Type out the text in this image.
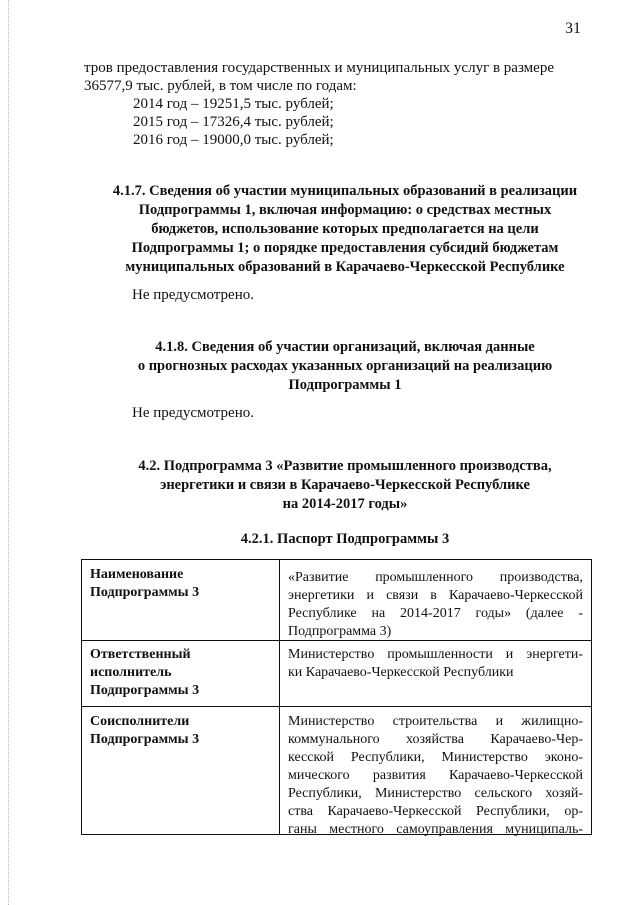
31
тров предоставления государственных и муниципальных услуг в размере
36577,9 тыс. рублей, в том числе по годам:
2014 год – 19251,5 тыс. рублей;
2015 год – 17326,4 тыс. рублей;
2016 год – 19000,0 тыс. рублей;
4.1.7. Сведения об участии муниципальных образований в реализации
Подпрограммы 1, включая информацию: о средствах местных
бюджетов, использование которых предполагается на цели
Подпрограммы 1; о порядке предоставления субсидий бюджетам
муниципальных образований в Карачаево-Черкесской Республике
Не предусмотрено.
4.1.8. Сведения об участии организаций, включая данные
о прогнозных расходах указанных организаций на реализацию
Подпрограммы 1
Не предусмотрено.
4.2. Подпрограмма 3 «Развитие промышленного производства,
энергетики и связи в Карачаево-Черкесской Республике
на 2014-2017 годы»
4.2.1. Паспорт Подпрограммы 3
Наименование
Подпрограммы 3
«Развитие промышленного производства,
энергетики и связи в Карачаево-Черкесской
Республике на 2014-2017 годы» (далее -
Подпрограмма 3)
Ответственный
исполнитель
Подпрограммы 3
Министерство промышленности и энергети-
ки Карачаево-Черкесской Республики
Соисполнители
Подпрограммы 3
Министерство строительства и жилищно-
коммунального хозяйства Карачаево-Чер-
кесской Республики, Министерство эконо-
мического развития Карачаево-Черкесской
Республики, Министерство сельского хозяй-
ства Карачаево-Черкесской Республики, ор-
ганы местного самоуправления муниципаль-
